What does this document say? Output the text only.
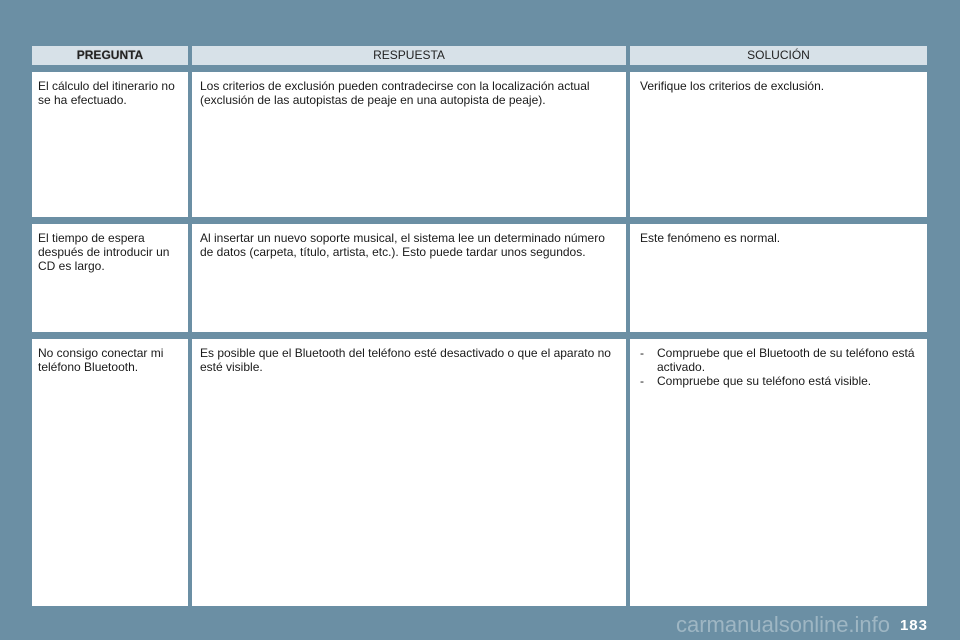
PREGUNTA	RESPUESTA	SOLUCIÓN
El cálculo del itinerario no se ha efectuado.
Los criterios de exclusión pueden contradecirse con la localización actual (exclusión de las autopistas de peaje en una autopista de peaje).
Verifique los criterios de exclusión.
El tiempo de espera después de introducir un CD es largo.
Al insertar un nuevo soporte musical, el sistema lee un determinado número de datos (carpeta, título, artista, etc.). Esto puede tardar unos segundos.
Este fenómeno es normal.
No consigo conectar mi teléfono Bluetooth.
Es posible que el Bluetooth del teléfono esté desactivado o que el aparato no esté visible.
- Compruebe que el Bluetooth de su teléfono está activado.
- Compruebe que su teléfono está visible.
carmanualsonline.info 183
